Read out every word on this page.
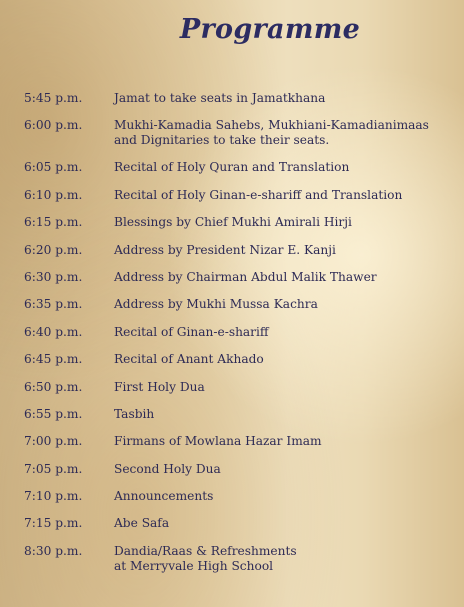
Programme
5:45 p.m.	Jamat to take seats in Jamatkhana
6:00 p.m.	Mukhi-Kamadia Sahebs, Mukhiani-Kamadianimaas
and Dignitaries to take their seats.
6:05 p.m.	Recital of Holy Quran and Translation
6:10 p.m.	Recital of Holy Ginan-e-shariff and Translation
6:15 p.m.	Blessings by Chief Mukhi Amirali Hirji
6:20 p.m.	Address by President Nizar E. Kanji
6:30 p.m.	Address by Chairman Abdul Malik Thawer
6:35 p.m.	Address by Mukhi Mussa Kachra
6:40 p.m.	Recital of Ginan-e-shariff
6:45 p.m.	Recital of Anant Akhado
6:50 p.m.	First Holy Dua
6:55 p.m.	Tasbih
7:00 p.m.	Firmans of Mowlana Hazar Imam
7:05 p.m.	Second Holy Dua
7:10 p.m.	Announcements
7:15 p.m.	Abe Safa
8:30 p.m.	Dandia/Raas & Refreshments
at Merryvale High School
